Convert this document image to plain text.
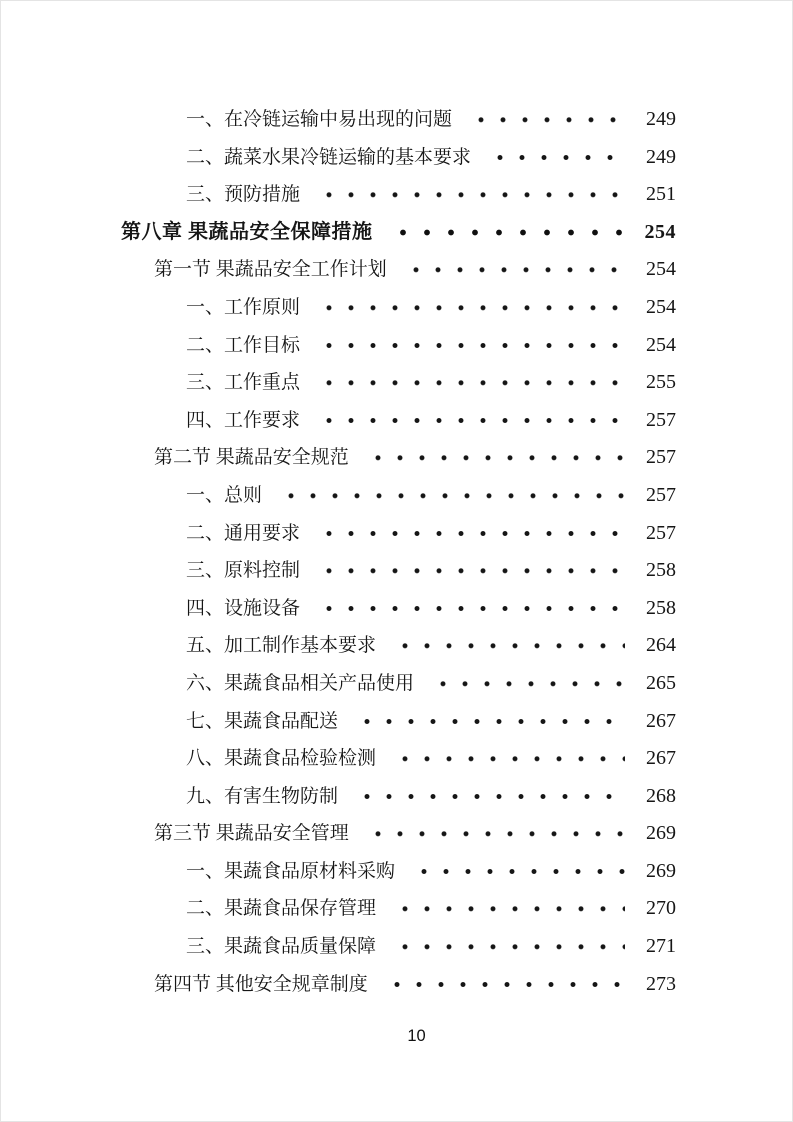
一、在冷链运输中易出现的问题	249
二、蔬菜水果冷链运输的基本要求	249
三、预防措施	251
第八章 果蔬品安全保障措施	254
第一节 果蔬品安全工作计划	254
一、工作原则	254
二、工作目标	254
三、工作重点	255
四、工作要求	257
第二节 果蔬品安全规范	257
一、总则	257
二、通用要求	257
三、原料控制	258
四、设施设备	258
五、加工制作基本要求	264
六、果蔬食品相关产品使用	265
七、果蔬食品配送	267
八、果蔬食品检验检测	267
九、有害生物防制	268
第三节 果蔬品安全管理	269
一、果蔬食品原材料采购	269
二、果蔬食品保存管理	270
三、果蔬食品质量保障	271
第四节 其他安全规章制度	273
10
